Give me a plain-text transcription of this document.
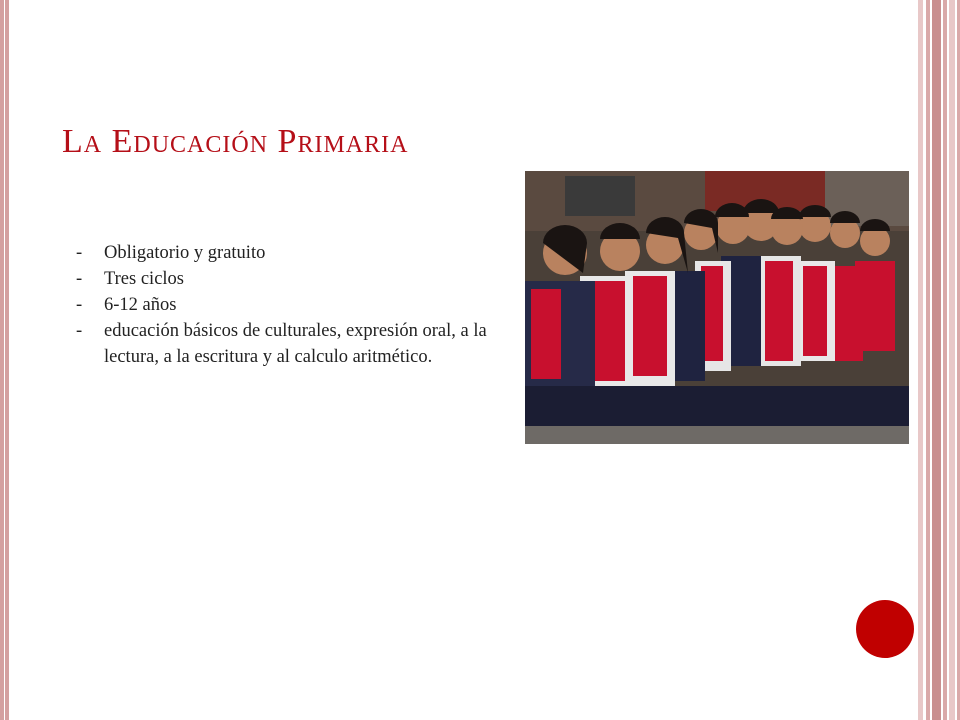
La Educación Primaria
- Obligatorio y gratuito
- Tres ciclos
- 6-12 años
- educación básicos de culturales, expresión oral, a la lectura, a la escritura y al calculo aritmético.
